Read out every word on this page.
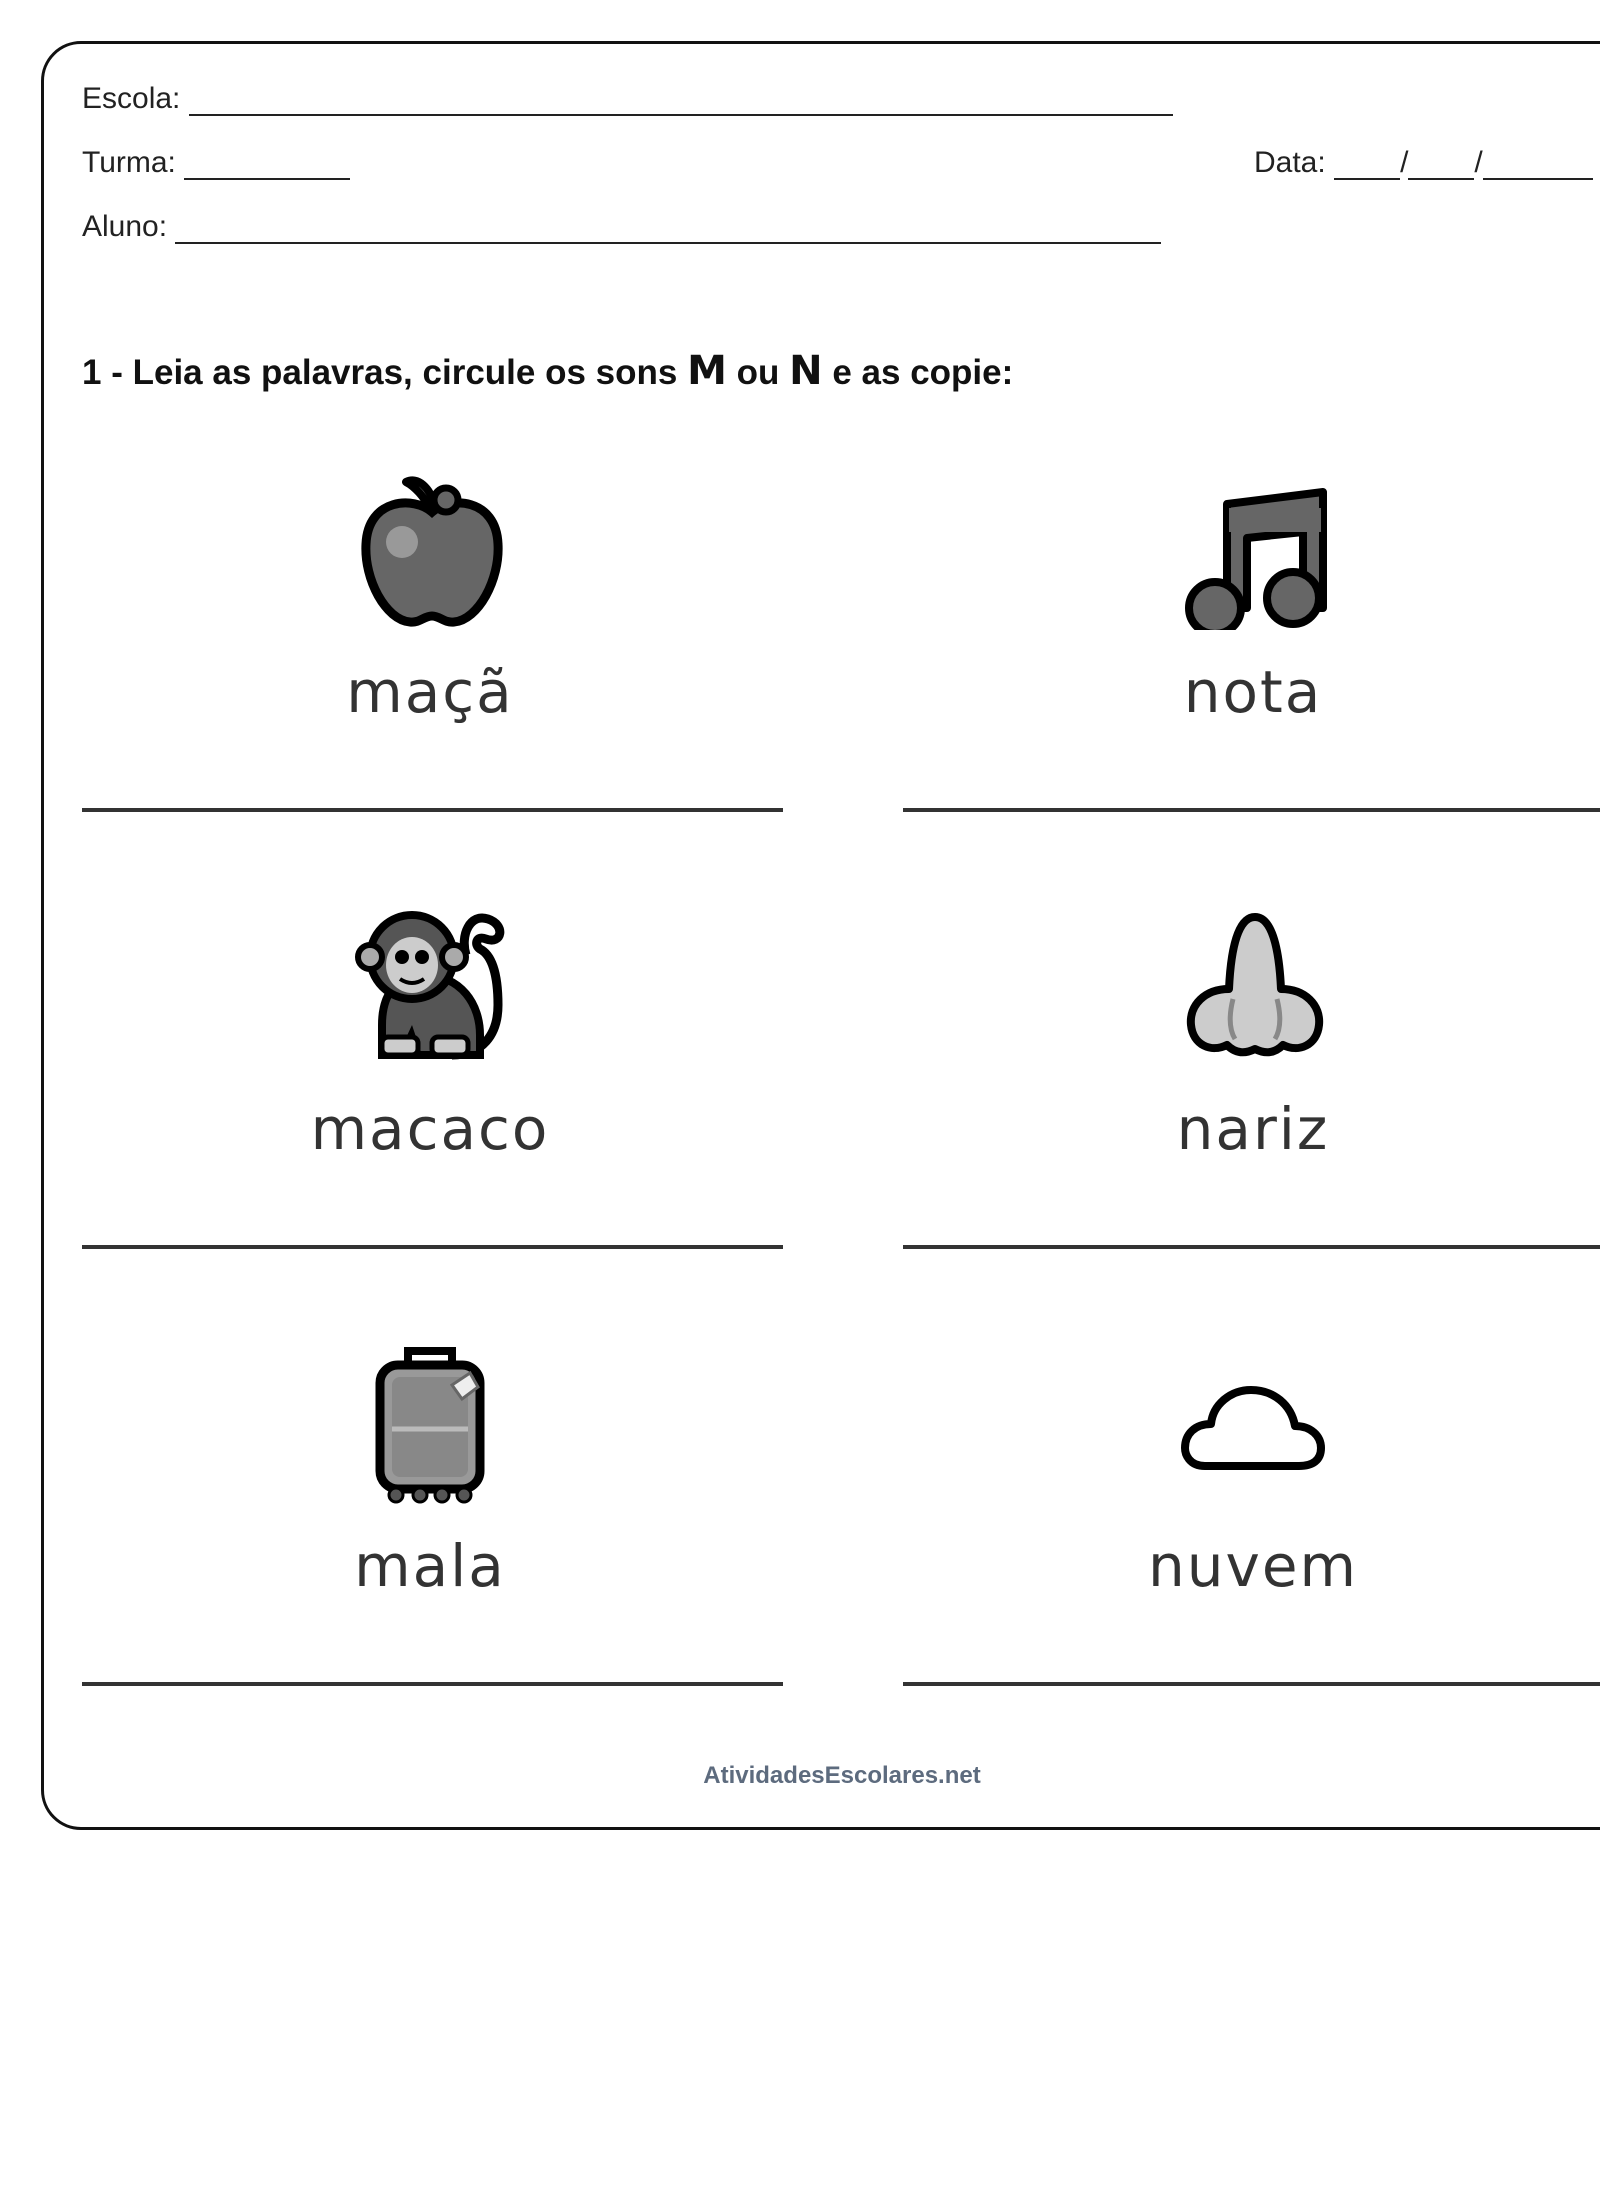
Escola:
Turma:	Data: / /
Aluno:
1 - Leia as palavras, circule os sons M ou N e as copie:
maçã	nota
macaco	nariz
mala	nuvem
AtividadesEscolares.net
